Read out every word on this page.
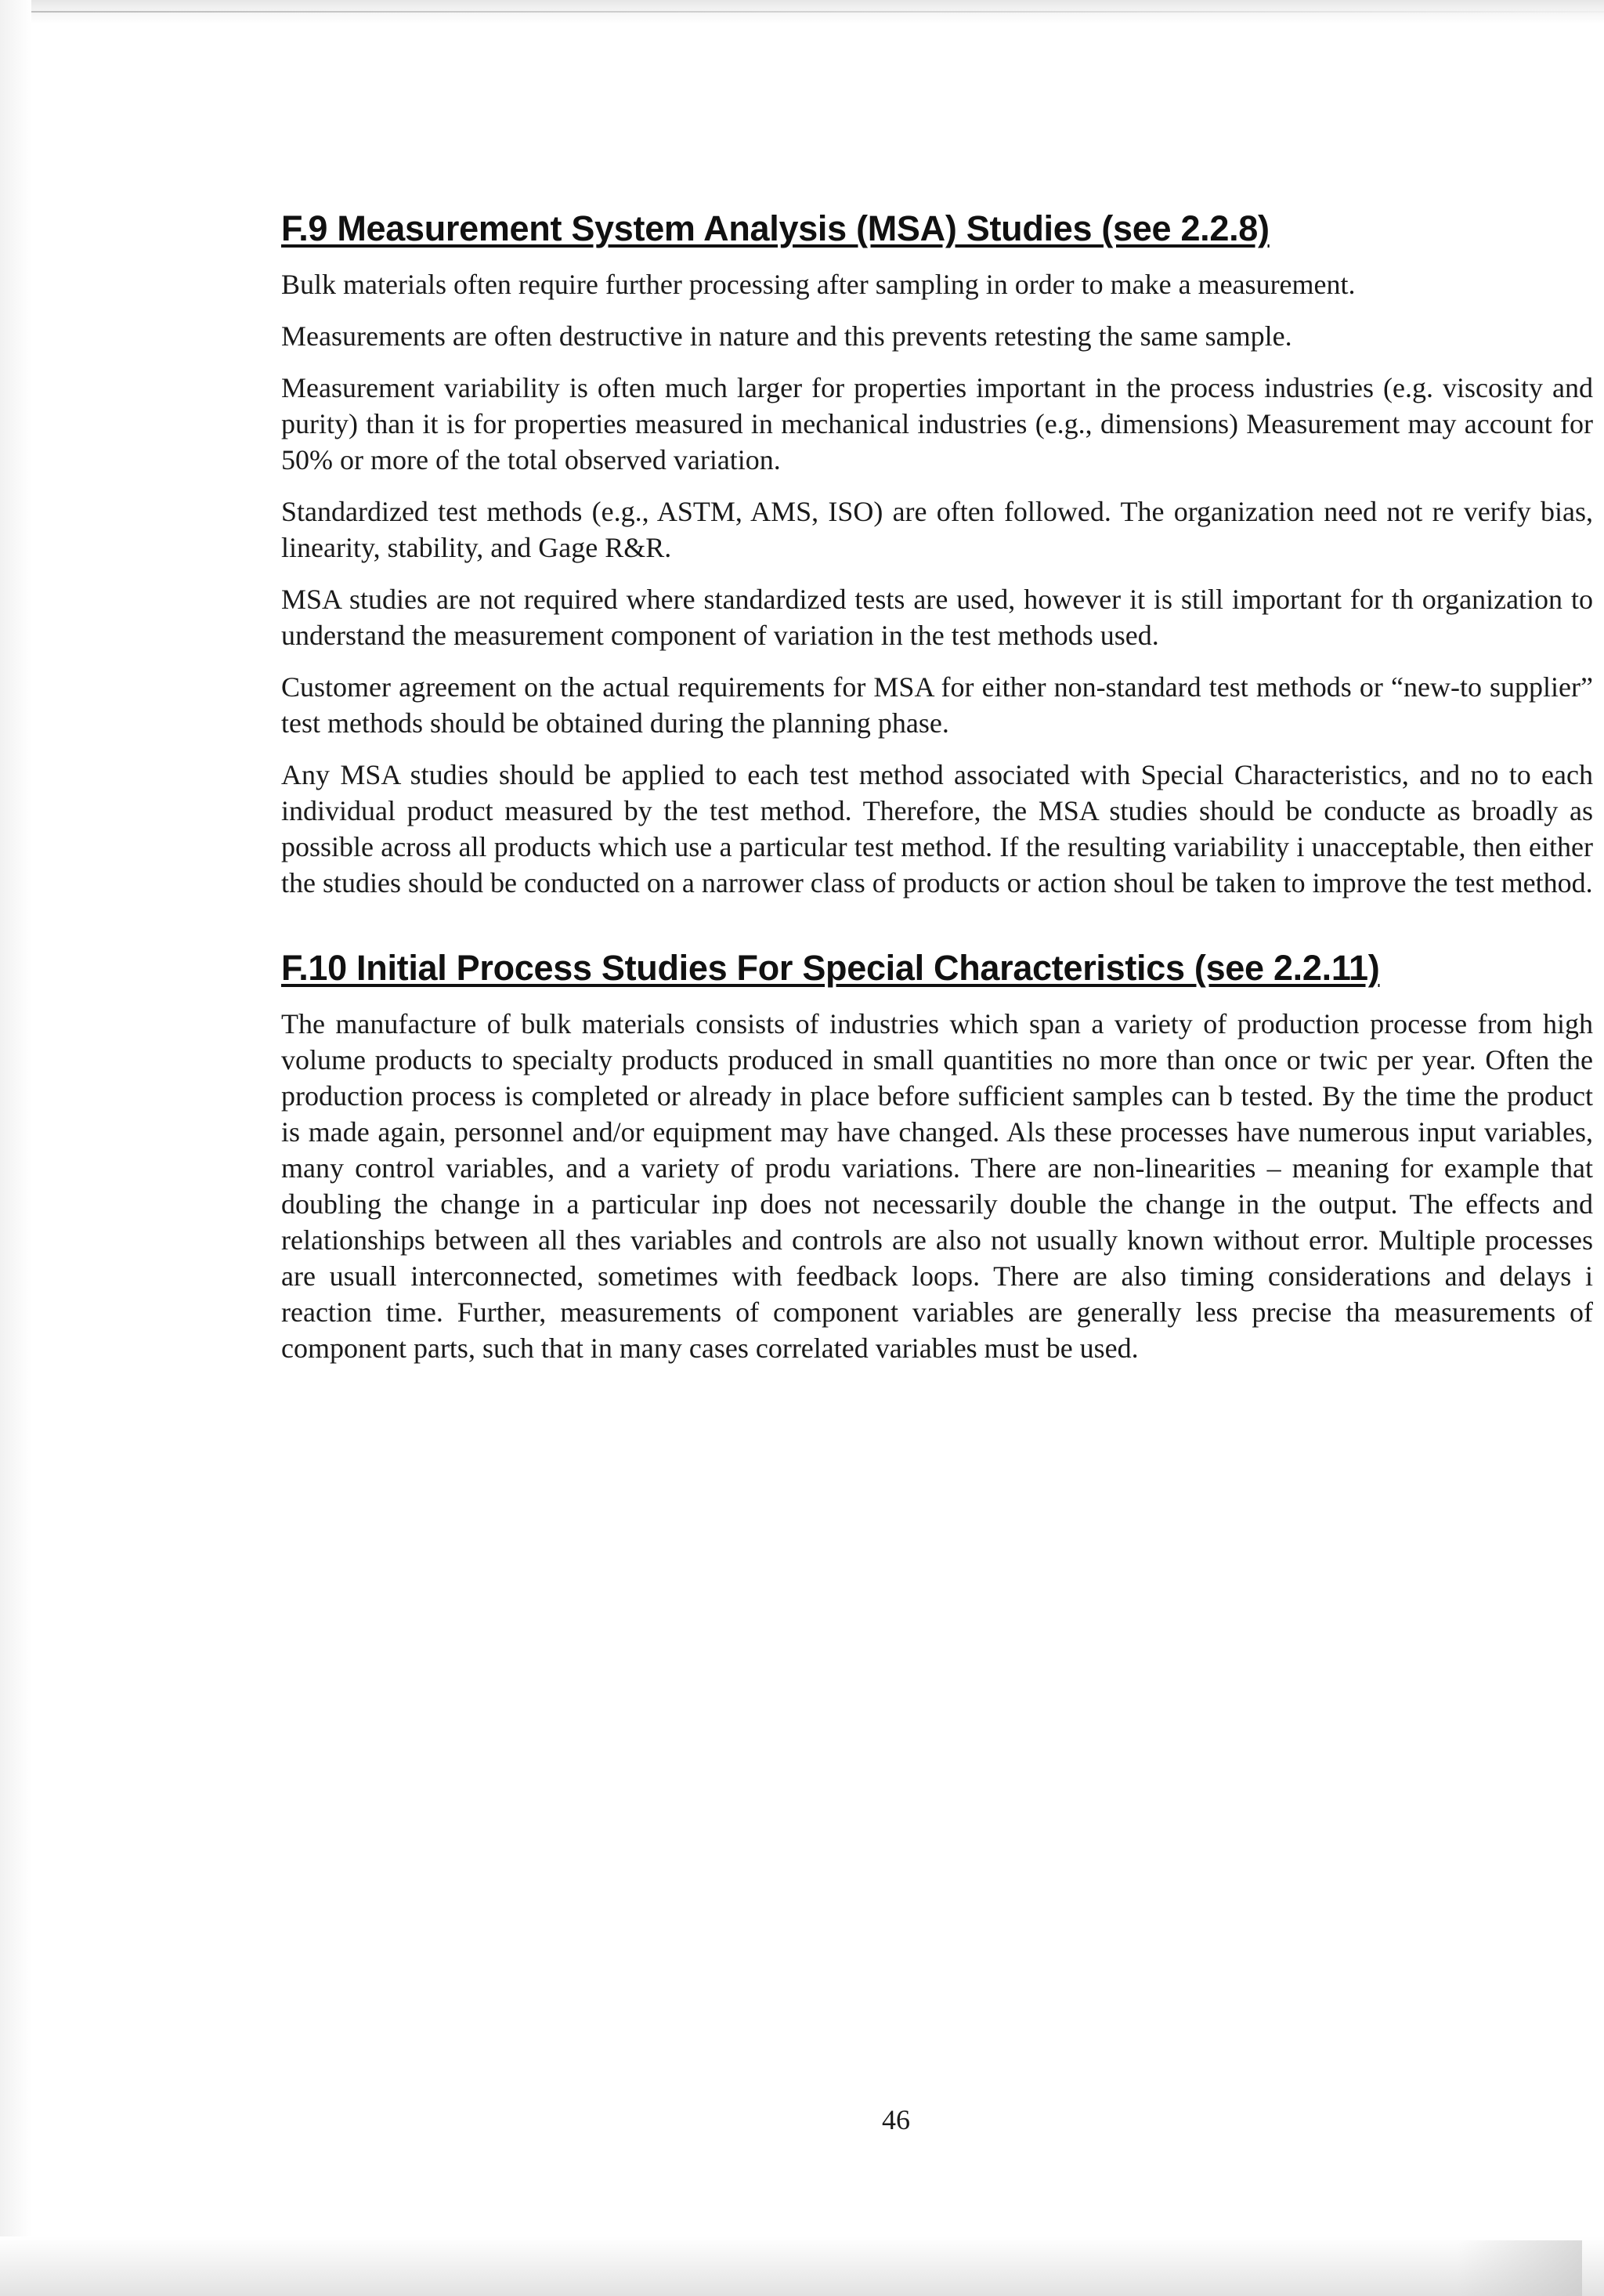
F.9 Measurement System Analysis (MSA) Studies (see 2.2.8)

Bulk materials often require further processing after sampling in order to make a measurement.

Measurements are often destructive in nature and this prevents retesting the same sample.

Measurement variability is often much larger for properties important in the process industries (e.g. viscosity and purity) than it is for properties measured in mechanical industries (e.g., dimensions) Measurement may account for 50% or more of the total observed variation.

Standardized test methods (e.g., ASTM, AMS, ISO) are often followed. The organization need not re verify bias, linearity, stability, and Gage R&R.

MSA studies are not required where standardized tests are used, however it is still important for th organization to understand the measurement component of variation in the test methods used.

Customer agreement on the actual requirements for MSA for either non-standard test methods or “new-to supplier” test methods should be obtained during the planning phase.

Any MSA studies should be applied to each test method associated with Special Characteristics, and no to each individual product measured by the test method. Therefore, the MSA studies should be conducte as broadly as possible across all products which use a particular test method. If the resulting variability i unacceptable, then either the studies should be conducted on a narrower class of products or action shoul be taken to improve the test method.

F.10 Initial Process Studies For Special Characteristics (see 2.2.11)

The manufacture of bulk materials consists of industries which span a variety of production processe from high volume products to specialty products produced in small quantities no more than once or twic per year. Often the production process is completed or already in place before sufficient samples can b tested. By the time the product is made again, personnel and/or equipment may have changed. Als these processes have numerous input variables, many control variables, and a variety of produ variations. There are non-linearities – meaning for example that doubling the change in a particular inp does not necessarily double the change in the output. The effects and relationships between all thes variables and controls are also not usually known without error. Multiple processes are usuall interconnected, sometimes with feedback loops. There are also timing considerations and delays i reaction time. Further, measurements of component variables are generally less precise tha measurements of component parts, such that in many cases correlated variables must be used.

46
